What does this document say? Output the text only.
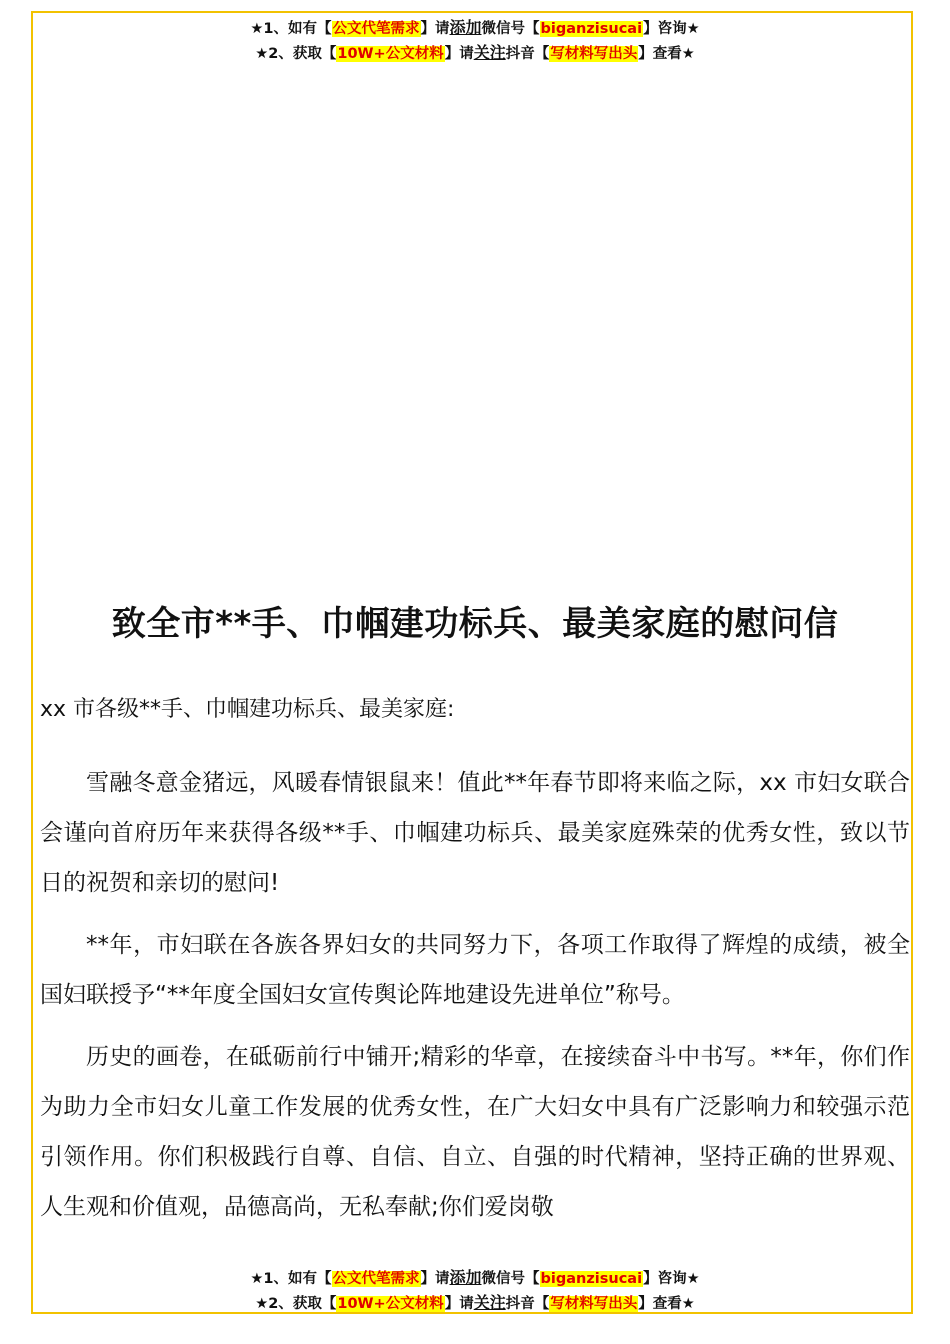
★1、如有【公文代笔需求】请添加微信号【biganzisucai】咨询★
★2、获取【10W+公文材料】请关注抖音【写材料写出头】查看★
致全市**手、巾帼建功标兵、最美家庭的慰问信
xx 市各级**手、巾帼建功标兵、最美家庭:

雪融冬意金猪远，风暖春情银鼠来！值此**年春节即将来临之际，xx 市妇女联合会谨向首府历年来获得各级**手、巾帼建功标兵、最美家庭殊荣的优秀女性，致以节日的祝贺和亲切的慰问!

**年，市妇联在各族各界妇女的共同努力下，各项工作取得了辉煌的成绩，被全国妇联授予“**年度全国妇女宣传舆论阵地建设先进单位”称号。

历史的画卷，在砥砺前行中铺开;精彩的华章，在接续奋斗中书写。**年，你们作为助力全市妇女儿童工作发展的优秀女性，在广大妇女中具有广泛影响力和较强示范引领作用。你们积极践行自尊、自信、自立、自强的时代精神，坚持正确的世界观、人生观和价值观，品德高尚，无私奉献;你们爱岗敬

★1、如有【公文代笔需求】请添加微信号【biganzisucai】咨询★
★2、获取【10W+公文材料】请关注抖音【写材料写出头】查看★
